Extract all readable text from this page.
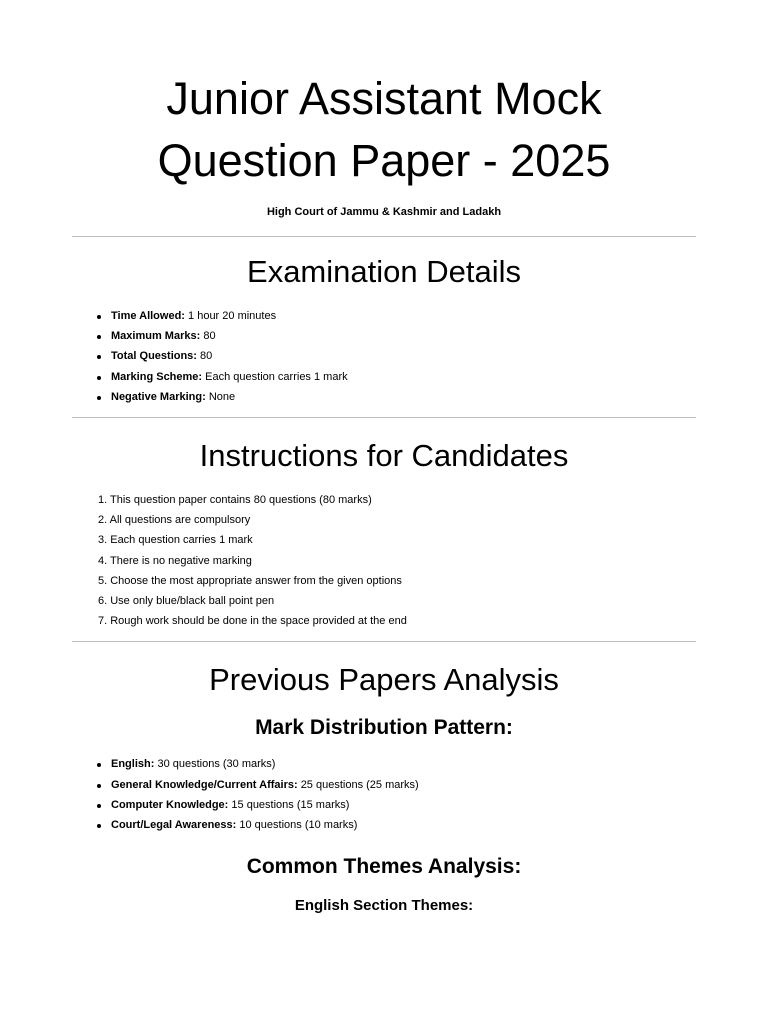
Junior Assistant Mock
Question Paper - 2025

High Court of Jammu & Kashmir and Ladakh

Examination Details
Time Allowed: 1 hour 20 minutes
Maximum Marks: 80
Total Questions: 80
Marking Scheme: Each question carries 1 mark
Negative Marking: None
Instructions for Candidates
1. This question paper contains 80 questions (80 marks)
2. All questions are compulsory
3. Each question carries 1 mark
4. There is no negative marking
5. Choose the most appropriate answer from the given options
6. Use only blue/black ball point pen
7. Rough work should be done in the space provided at the end
Previous Papers Analysis
Mark Distribution Pattern:
English: 30 questions (30 marks)
General Knowledge/Current Affairs: 25 questions (25 marks)
Computer Knowledge: 15 questions (15 marks)
Court/Legal Awareness: 10 questions (10 marks)
Common Themes Analysis:
English Section Themes:
